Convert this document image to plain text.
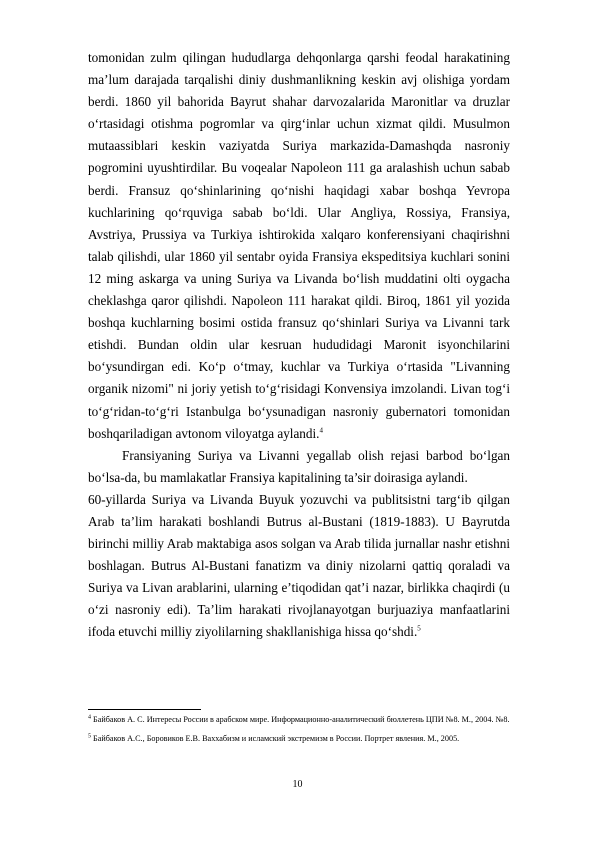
tomonidan zulm qilingan hududlarga dehqonlarga qarshi feodal harakatining ma’lum darajada tarqalishi diniy dushmanlikning keskin avj olishiga yordam berdi. 1860 yil bahorida Bayrut shahar darvozalarida Maronitlar va druzlar o‘rtasidagi otishma pogromlar va qirg‘inlar uchun xizmat qildi. Musulmon mutaassiblari keskin vaziyatda Suriya markazida-Damashqda nasroniy pogromini uyushtirdilar. Bu voqealar Napoleon 111 ga aralashish uchun sabab berdi. Fransuz qo‘shinlarining qo‘nishi haqidagi xabar boshqa Yevropa kuchlarining qo‘rquviga sabab bo‘ldi. Ular Angliya, Rossiya, Fransiya, Avstriya, Prussiya va Turkiya ishtirokida xalqaro konferensiyani chaqirishni talab qilishdi, ular 1860 yil sentabr oyida Fransiya ekspeditsiya kuchlari sonini 12 ming askarga va uning Suriya va Livanda bo‘lish muddatini olti oygacha cheklashga qaror qilishdi. Napoleon 111 harakat qildi. Biroq, 1861 yil yozida boshqa kuchlarning bosimi ostida fransuz qo‘shinlari Suriya va Livanni tark etishdi. Bundan oldin ular kesruan hududidagi Maronit isyonchilarini bo‘ysundirgan edi. Ko‘p o‘tmay, kuchlar va Turkiya o‘rtasida "Livanning organik nizomi" ni joriy yetish to‘g‘risidagi Konvensiya imzolandi. Livan tog‘i to‘g‘ridan-to‘g‘ri Istanbulga bo‘ysunadigan nasroniy gubernatori tomonidan boshqariladigan avtonom viloyatga aylandi.$^4$

Fransiyaning Suriya va Livanni yegallab olish rejasi barbod bo‘lgan bo‘lsa-da, bu mamlakatlar Fransiya kapitalining ta’sir doirasiga aylandi.

60-yillarda Suriya va Livanda Buyuk yozuvchi va publitsistni targ‘ib qilgan Arab ta’lim harakati boshlandi Butrus al-Bustani (1819-1883). U Bayrutda birinchi milliy Arab maktabiga asos solgan va Arab tilida jurnallar nashr etishni boshlagan. Butrus Al-Bustani fanatizm va diniy nizolarni qattiq qoraladi va Suriya va Livan arablarini, ularning e’tiqodidan qat’i nazar, birlikka chaqirdi (u o‘zi nasroniy edi). Ta’lim harakati rivojlanayotgan burjuaziya manfaatlarini ifoda etuvchi milliy ziyolilarning shakllanishiga hissa qo‘shdi.$^5$

$^4$ Байбаков А. С. Интересы России в арабском мире. Информационно-аналитический бюллетень ЦПИ №8. М., 2004. №8.

$^5$ Байбаков А.С., Боровиков Е.В. Ваххабизм и исламский экстремизм в России. Портрет явления. М., 2005.

10
